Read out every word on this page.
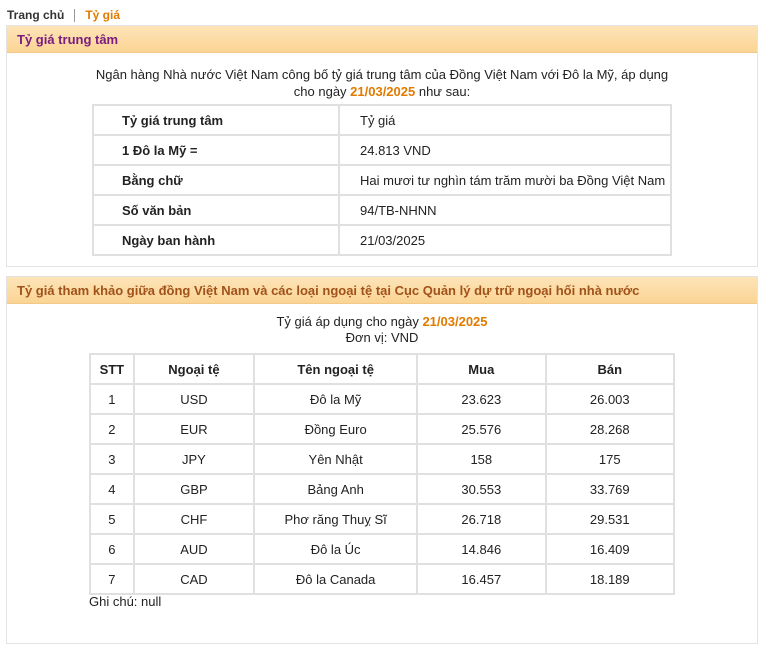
Trang chủ Tỷ giá
Tỷ giá trung tâm
Ngân hàng Nhà nước Việt Nam công bố tỷ giá trung tâm của Đồng Việt Nam với Đô la Mỹ, áp dụng
cho ngày 21/03/2025 như sau:
Tỷ giá trung tâm	Tỷ giá
1 Đô la Mỹ =	24.813 VND
Bằng chữ	Hai mươi tư nghìn tám trăm mười ba Đồng Việt Nam
Số văn bản	94/TB-NHNN
Ngày ban hành	21/03/2025
Tỷ giá tham khảo giữa đồng Việt Nam và các loại ngoại tệ tại Cục Quản lý dự trữ ngoại hối nhà nước
Tỷ giá áp dụng cho ngày 21/03/2025
Đơn vị: VND
STT	Ngoại tệ	Tên ngoại tệ	Mua	Bán
1	USD	Đô la Mỹ	23.623	26.003
2	EUR	Đồng Euro	25.576	28.268
3	JPY	Yên Nhật	158	175
4	GBP	Bảng Anh	30.553	33.769
5	CHF	Phơ răng Thuỵ Sĩ	26.718	29.531
6	AUD	Đô la Úc	14.846	16.409
7	CAD	Đô la Canada	16.457	18.189
Ghi chú: null
